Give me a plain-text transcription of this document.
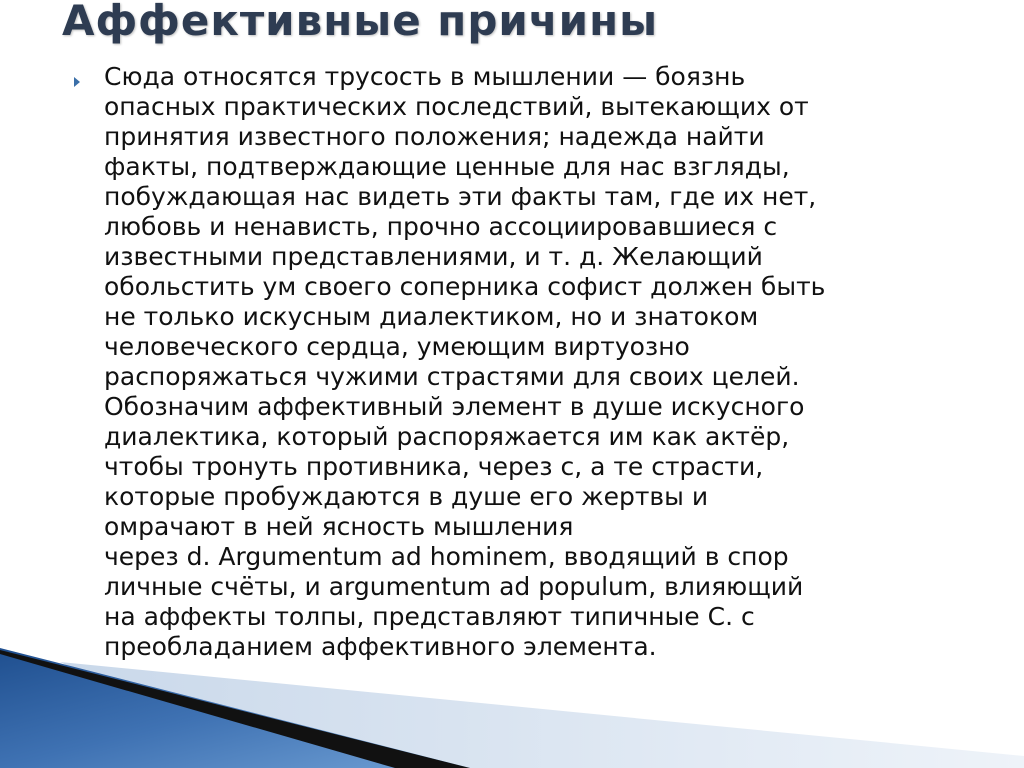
Аффективные причины
Сюда относятся трусость в мышлении — боязнь
опасных практических последствий, вытекающих от
принятия известного положения; надежда найти
факты, подтверждающие ценные для нас взгляды,
побуждающая нас видеть эти факты там, где их нет,
любовь и ненависть, прочно ассоциировавшиеся с
известными представлениями, и т. д. Желающий
обольстить ум своего соперника софист должен быть
не только искусным диалектиком, но и знатоком
человеческого сердца, умеющим виртуозно
распоряжаться чужими страстями для своих целей.
Обозначим аффективный элемент в душе искусного
диалектика, который распоряжается им как актёр,
чтобы тронуть противника, через c, а те страсти,
которые пробуждаются в душе его жертвы и
омрачают в ней ясность мышления
через d. Argumentum ad hominem, вводящий в спор
личные счёты, и argumentum ad populum, влияющий
на аффекты толпы, представляют типичные С. с
преобладанием аффективного элемента.
